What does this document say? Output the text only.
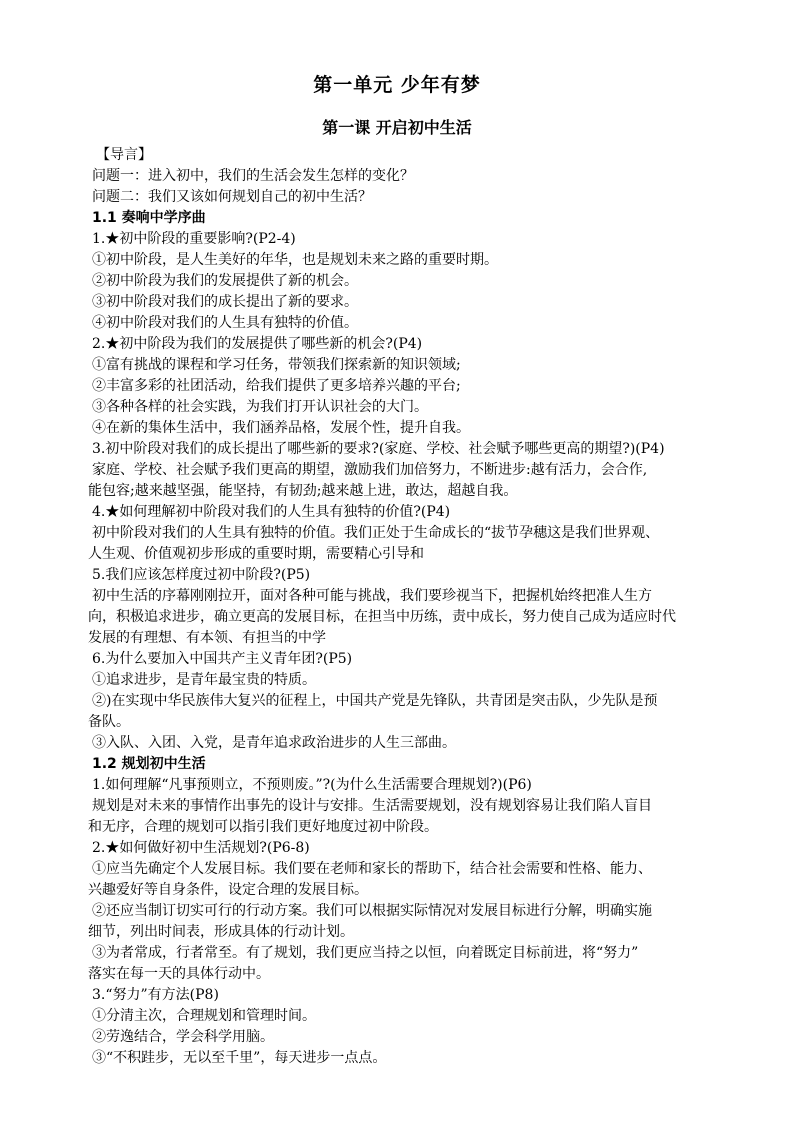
第一单元 少年有梦
第一课 开启初中生活
【导言】
问题一：进入初中，我们的生活会发生怎样的变化？
问题二：我们又该如何规划自己的初中生活？
1.1 奏响中学序曲
1.★初中阶段的重要影响?(P2-4)
①初中阶段，是人生美好的年华，也是规划未来之路的重要时期。
②初中阶段为我们的发展提供了新的机会。
③初中阶段对我们的成长提出了新的要求。
④初中阶段对我们的人生具有独特的价值。
2.★初中阶段为我们的发展提供了哪些新的机会?(P4)
①富有挑战的课程和学习任务，带领我们探索新的知识领域;
②丰富多彩的社团活动，给我们提供了更多培养兴趣的平台;
③各种各样的社会实践，为我们打开认识社会的大门。
④在新的集体生活中，我们涵养品格，发展个性，提升自我。
3.初中阶段对我们的成长提出了哪些新的要求?(家庭、学校、社会赋予哪些更高的期望?)(P4)
家庭、学校、社会赋予我们更高的期望，激励我们加倍努力，不断进步:越有活力，会合作,
能包容;越来越坚强，能坚持，有韧劲;越来越上进，敢达，超越自我。
4.★如何理解初中阶段对我们的人生具有独特的价值?(P4)
初中阶段对我们的人生具有独特的价值。我们正处于生命成长的“拔节孕穗这是我们世界观、
人生观、价值观初步形成的重要时期，需要精心引导和
5.我们应该怎样度过初中阶段?(P5)
初中生活的序幕刚刚拉开，面对各种可能与挑战，我们要珍视当下，把握机始终把准人生方
向，积极追求进步，确立更高的发展目标，在担当中历练，责中成长，努力使自己成为适应时代
发展的有理想、有本领、有担当的中学
6.为什么要加入中国共产主义青年团?(P5)
①追求进步，是青年最宝贵的特质。
②)在实现中华民族伟大复兴的征程上，中国共产党是先锋队，共青团是突击队，少先队是预
备队。
③入队、入团、入党，是青年追求政治进步的人生三部曲。
1.2 规划初中生活
1.如何理解“凡事预则立，不预则废。”?(为什么生活需要合理规划?)(P6)
规划是对未来的事情作出事先的设计与安排。生活需要规划，没有规划容易让我们陷人盲目
和无序，合理的规划可以指引我们更好地度过初中阶段。
2.★如何做好初中生活规划?(P6-8)
①应当先确定个人发展目标。我们要在老师和家长的帮助下，结合社会需要和性格、能力、
兴趣爱好等自身条件，设定合理的发展目标。
②还应当制订切实可行的行动方案。我们可以根据实际情况对发展目标进行分解，明确实施
细节，列出时间表，形成具体的行动计划。
③为者常成，行者常至。有了规划，我们更应当持之以恒，向着既定目标前进，将“努力”
落实在每一天的具体行动中。
3.“努力”有方法(P8)
①分清主次，合理规划和管理时间。
②劳逸结合，学会科学用脑。
③“不积跬步，无以至千里”，每天进步一点点。
